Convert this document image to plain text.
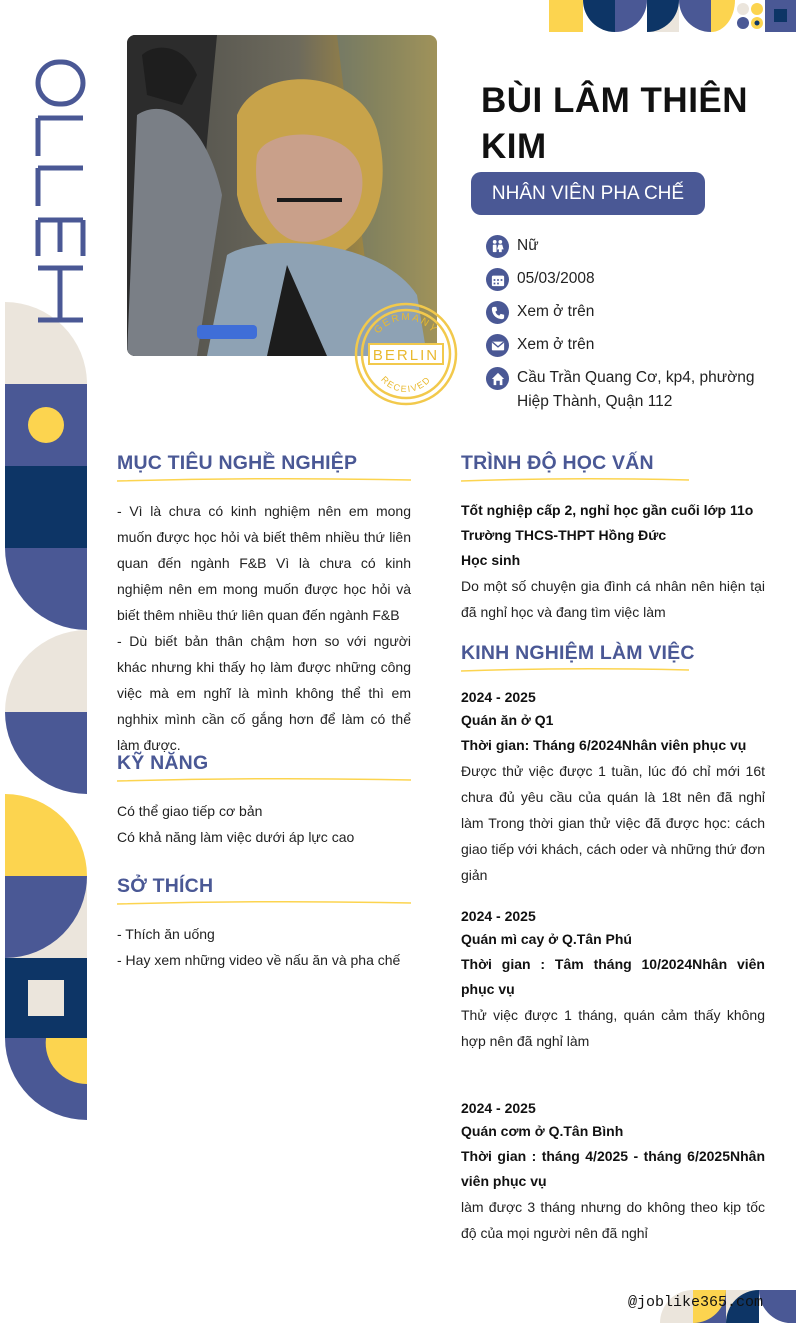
GERMANY
BERLIN
RECEIVED
BÙI LÂM THIÊN
KIM
NHÂN VIÊN PHA CHẾ
Nữ
05/03/2008
Xem ở trên
Xem ở trên
Cầu Trần Quang Cơ, kp4, phường
Hiệp Thành, Quận 112
MỤC TIÊU NGHỀ NGHIỆP

- Vì là chưa có kinh nghiệm nên em mong muốn được học hỏi và biết thêm nhiều thứ liên quan đến ngành F&B Vì là chưa có kinh nghiệm nên em mong muốn được học hỏi và biết thêm nhiều thứ liên quan đến ngành F&B

- Dù biết bản thân chậm hơn so với người khác nhưng khi thấy họ làm được những công việc mà em nghĩ là mình không thể thì em nghhix mình cần cố gắng hơn để làm có thể làm được.

KỸ NĂNG

Có thể giao tiếp cơ bản

Có khả năng làm việc dưới áp lực cao

SỞ THÍCH

- Thích ăn uống

- Hay xem những video về nấu ăn và pha chế

TRÌNH ĐỘ HỌC VẤN
Tốt nghiệp cấp 2, nghỉ học gần cuối lớp 11o
Trường THCS-THPT Hồng Đức
Học sinh

Do một số chuyện gia đình cá nhân nên hiện tại đã nghỉ học và đang tìm việc làm

KINH NGHIỆM LÀM VIỆC
2024 - 2025
Quán ăn ở Q1
Thời gian: Tháng 6/2024Nhân viên phục vụ

Được thử việc được 1 tuần, lúc đó chỉ mới 16t chưa đủ yêu cầu của quán là 18t nên đã nghỉ làm Trong thời gian thử việc đã được học: cách giao tiếp với khách, cách oder và những thứ đơn giản

2024 - 2025
Quán mì cay ở Q.Tân Phú
Thời gian : Tâm tháng 10/2024Nhân viên phục vụ

Thử việc được 1 tháng, quán cảm thấy không hợp nên đã nghỉ làm

2024 - 2025
Quán cơm ở Q.Tân Bình
Thời gian : tháng 4/2025 - tháng 6/2025Nhân viên phục vụ

làm được 3 tháng nhưng do không theo kịp tốc độ của mọi người nên đã nghỉ

@joblike365.com
